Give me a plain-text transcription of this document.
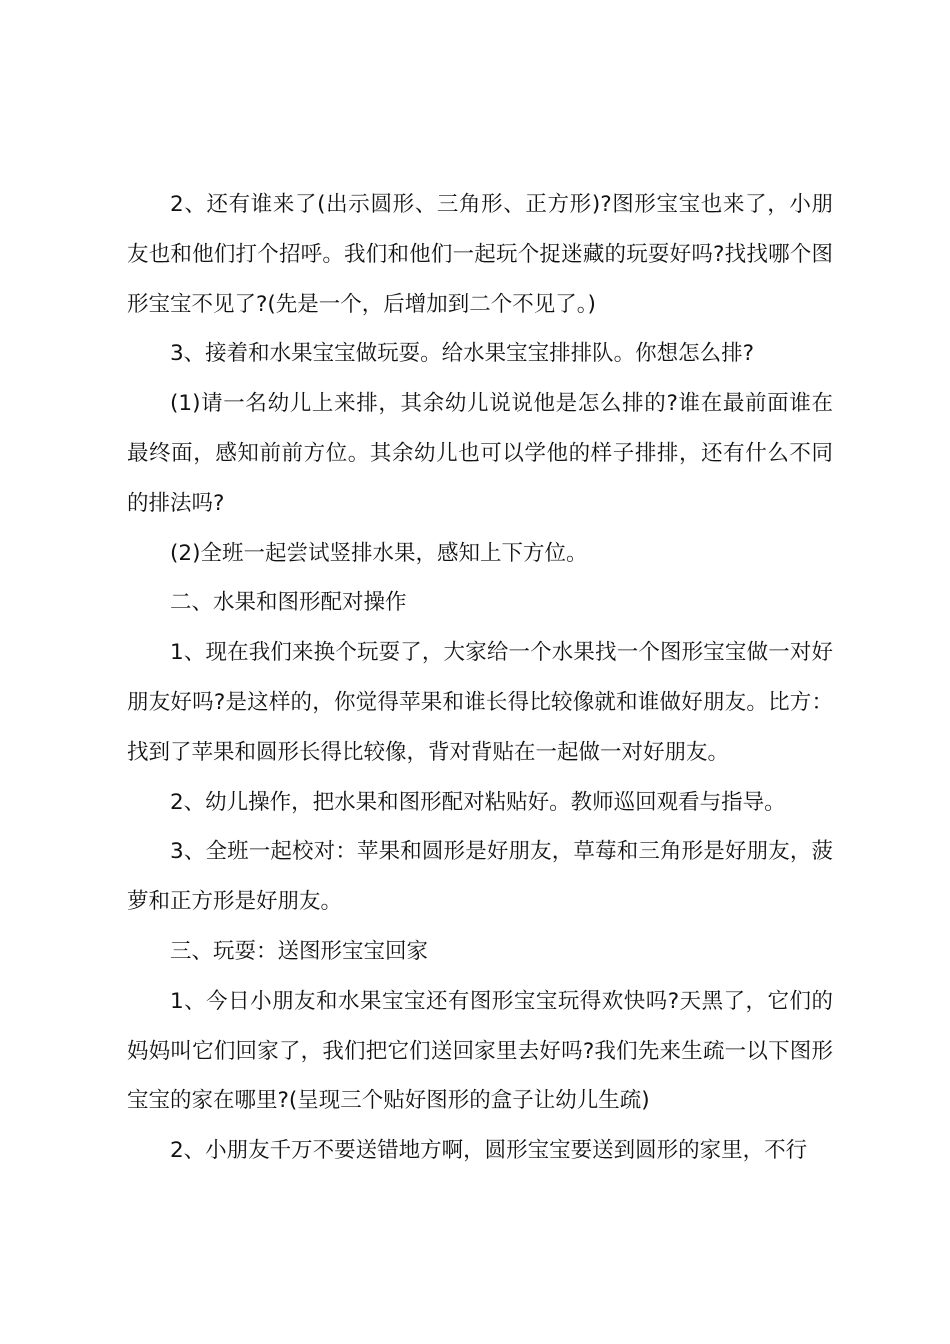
2、还有谁来了(出示圆形、三角形、正方形)?图形宝宝也来了，小朋友也和他们打个招呼。我们和他们一起玩个捉迷藏的玩耍好吗?找找哪个图形宝宝不见了?(先是一个，后增加到二个不见了。)

3、接着和水果宝宝做玩耍。给水果宝宝排排队。你想怎么排?

(1)请一名幼儿上来排，其余幼儿说说他是怎么排的?谁在最前面谁在最终面，感知前前方位。其余幼儿也可以学他的样子排排，还有什么不同的排法吗?

(2)全班一起尝试竖排水果，感知上下方位。

二、水果和图形配对操作

1、现在我们来换个玩耍了，大家给一个水果找一个图形宝宝做一对好朋友好吗?是这样的，你觉得苹果和谁长得比较像就和谁做好朋友。比方：找到了苹果和圆形长得比较像，背对背贴在一起做一对好朋友。

2、幼儿操作，把水果和图形配对粘贴好。教师巡回观看与指导。

3、全班一起校对：苹果和圆形是好朋友，草莓和三角形是好朋友，菠萝和正方形是好朋友。

三、玩耍：送图形宝宝回家

1、今日小朋友和水果宝宝还有图形宝宝玩得欢快吗?天黑了，它们的妈妈叫它们回家了，我们把它们送回家里去好吗?我们先来生疏一以下图形宝宝的家在哪里?(呈现三个贴好图形的盒子让幼儿生疏)

2、小朋友千万不要送错地方啊，圆形宝宝要送到圆形的家里，不行
